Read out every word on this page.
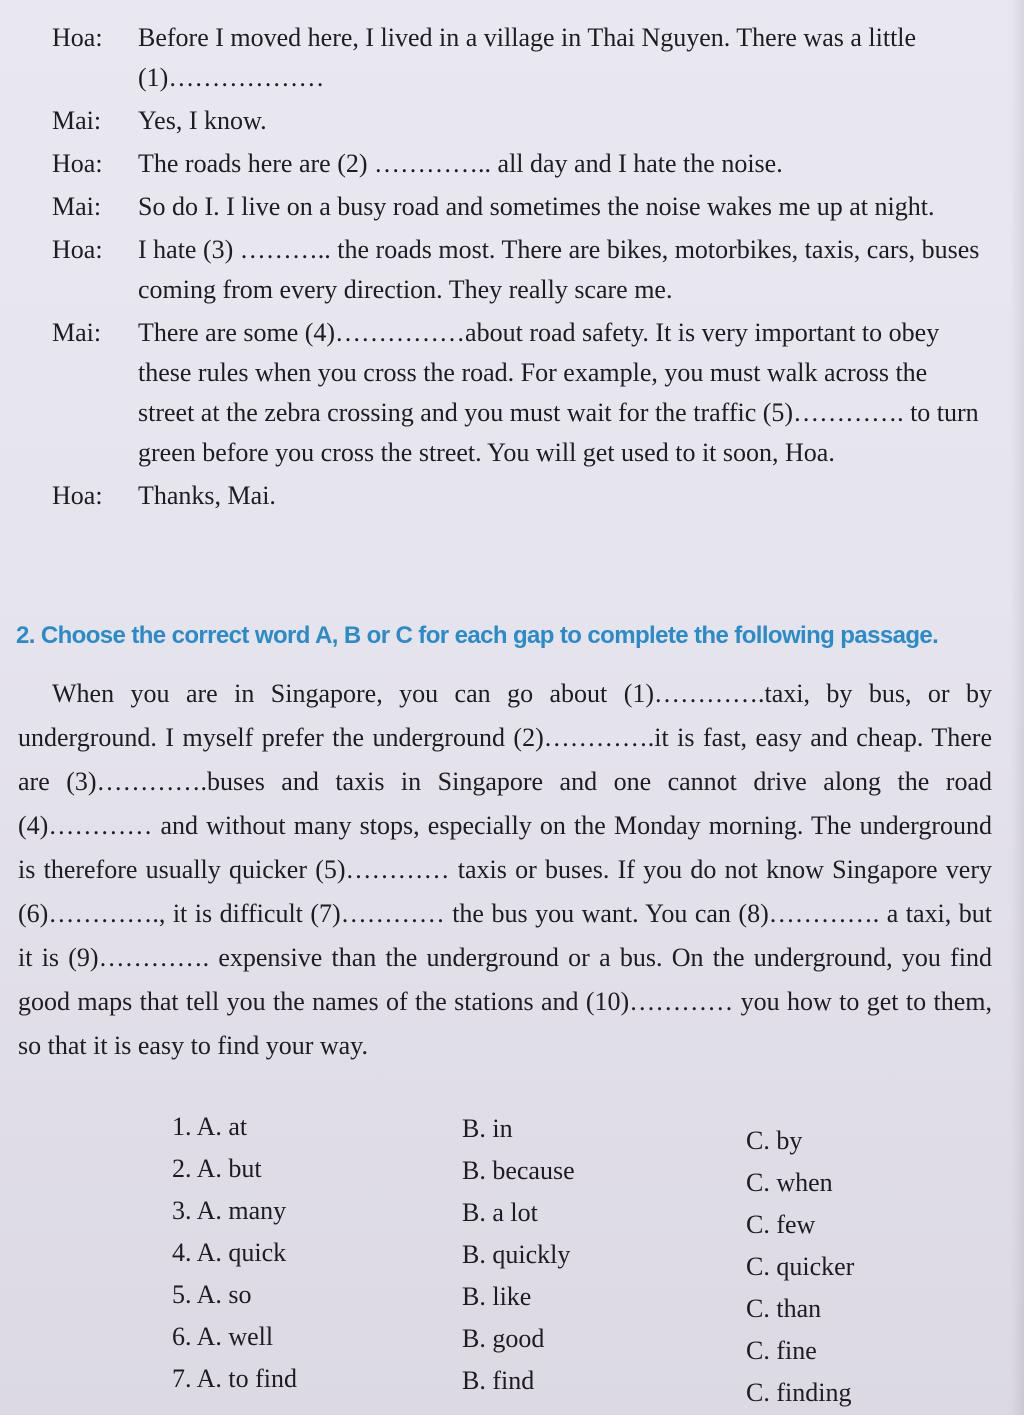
Hoa: Before I moved here, I lived in a village in Thai Nguyen. There was a little (1)………………
Mai: Yes, I know.
Hoa: The roads here are (2) ………….. all day and I hate the noise.
Mai: So do I. I live on a busy road and sometimes the noise wakes me up at night.
Hoa: I hate (3) ……….. the roads most. There are bikes, motorbikes, taxis, cars, buses coming from every direction. They really scare me.
Mai: There are some (4)……………about road safety. It is very important to obey these rules when you cross the road. For example, you must walk across the street at the zebra crossing and you must wait for the traffic (5)…………. to turn green before you cross the street. You will get used to it soon, Hoa.
Hoa: Thanks, Mai.
2. Choose the correct word A, B or C for each gap to complete the following passage.
When you are in Singapore, you can go about (1)………….taxi, by bus, or by underground. I myself prefer the underground (2)………….it is fast, easy and cheap. There are (3)………….buses and taxis in Singapore and one cannot drive along the road (4)………… and without many stops, especially on the Monday morning. The underground is therefore usually quicker (5)………… taxis or buses. If you do not know Singapore very (6)…………., it is difficult (7)………… the bus you want. You can (8)…………. a taxi, but it is (9)…………. expensive than the underground or a bus. On the underground, you find good maps that tell you the names of the stations and (10)………… you how to get to them, so that it is easy to find your way.
1. A. at	B. in	C. by
2. A. but	B. because	C. when
3. A. many	B. a lot	C. few
4. A. quick	B. quickly	C. quicker
5. A. so	B. like	C. than
6. A. well	B. good	C. fine
7. A. to find	B. find	C. finding
